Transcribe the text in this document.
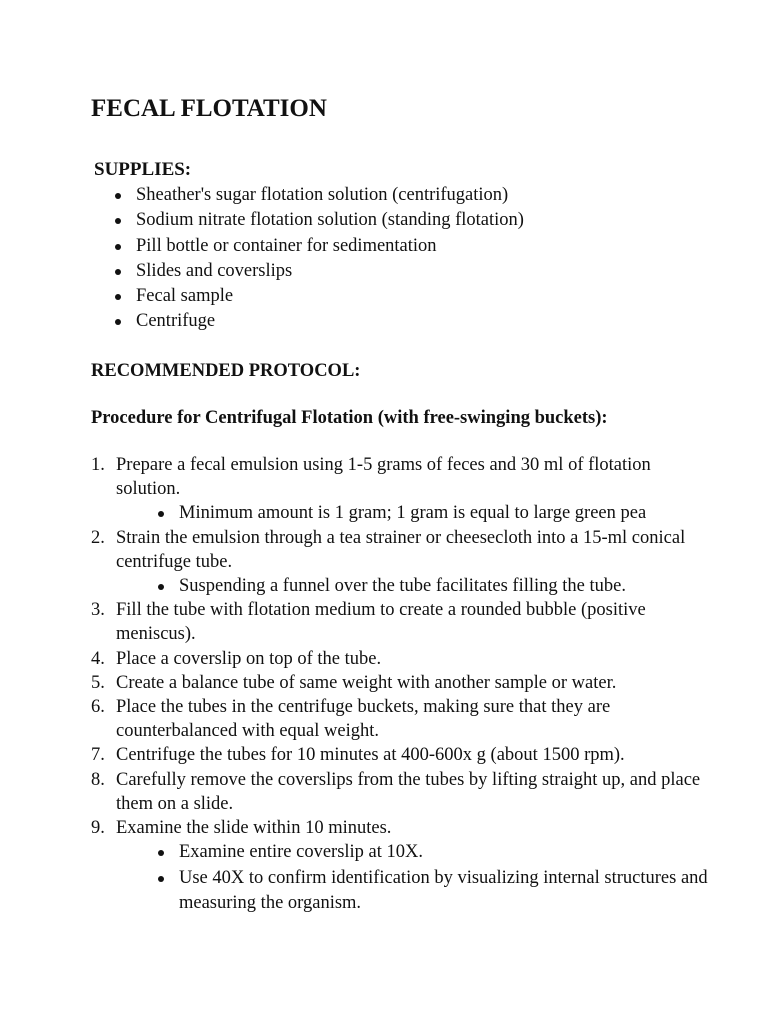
FECAL FLOTATION
SUPPLIES:
Sheather's sugar flotation solution (centrifugation)
Sodium nitrate flotation solution (standing flotation)
Pill bottle or container for sedimentation
Slides and coverslips
Fecal sample
Centrifuge
RECOMMENDED PROTOCOL:
Procedure for Centrifugal Flotation (with free-swinging buckets):
1. Prepare a fecal emulsion using 1-5 grams of feces and 30 ml of flotation solution.
Minimum amount is 1 gram; 1 gram is equal to large green pea
2. Strain the emulsion through a tea strainer or cheesecloth into a 15-ml conical centrifuge tube.
Suspending a funnel over the tube facilitates filling the tube.
3. Fill the tube with flotation medium to create a rounded bubble (positive meniscus).
4. Place a coverslip on top of the tube.
5. Create a balance tube of same weight with another sample or water.
6. Place the tubes in the centrifuge buckets, making sure that they are counterbalanced with equal weight.
7. Centrifuge the tubes for 10 minutes at 400-600x g (about 1500 rpm).
8. Carefully remove the coverslips from the tubes by lifting straight up, and place them on a slide.
9. Examine the slide within 10 minutes.
Examine entire coverslip at 10X.
Use 40X to confirm identification by visualizing internal structures and measuring the organism.
